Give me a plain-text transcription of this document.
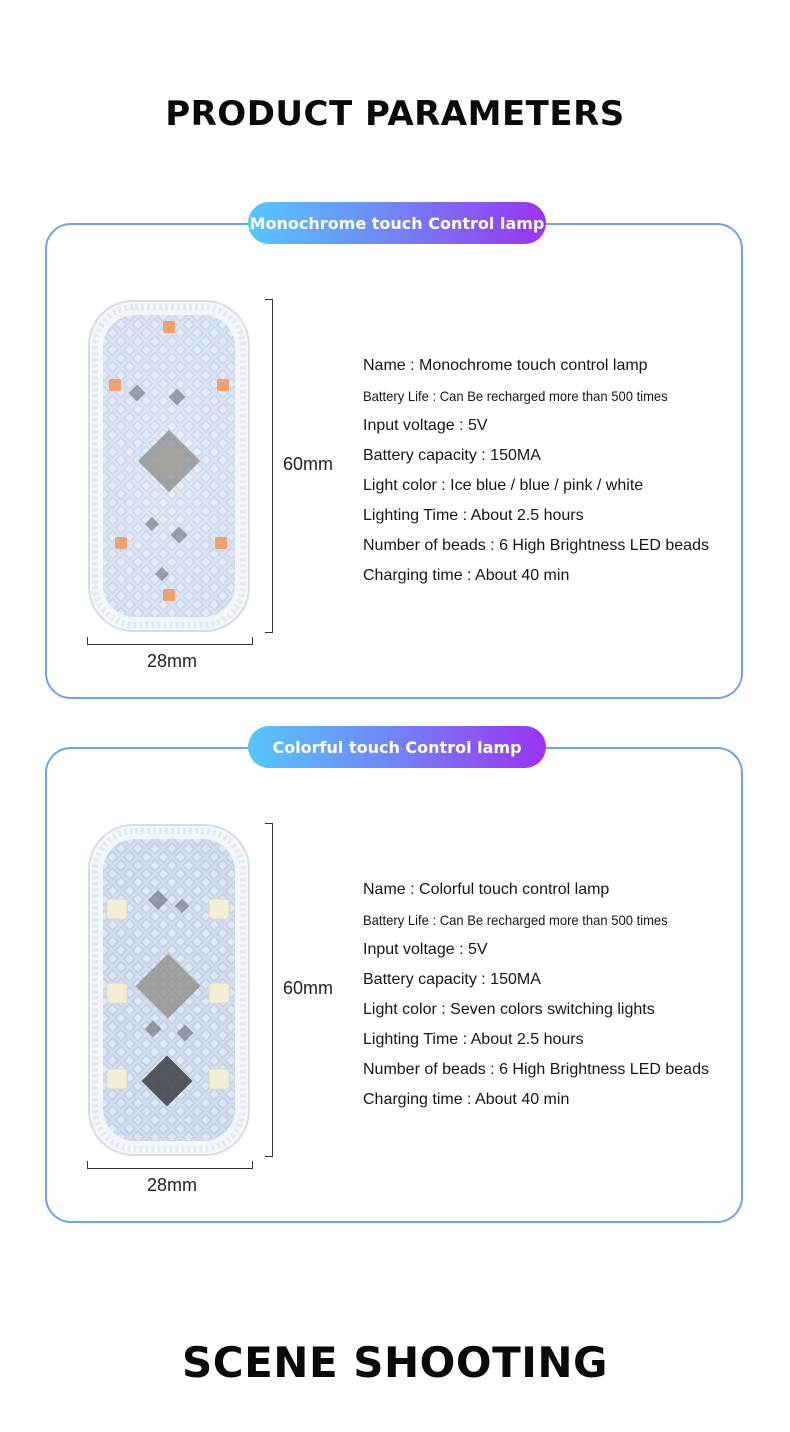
PRODUCT PARAMETERS
Monochrome touch Control lamp
60mm
28mm
Name : Monochrome touch control lamp
Battery Life : Can Be recharged more than 500 times
Input voltage : 5V
Battery capacity : 150MA
Light color : Ice blue / blue / pink / white
Lighting Time : About 2.5 hours
Number of beads : 6 High Brightness LED beads
Charging time : About 40 min
Colorful touch Control lamp
60mm
28mm
Name : Colorful touch control lamp
Battery Life : Can Be recharged more than 500 times
Input voltage : 5V
Battery capacity : 150MA
Light color : Seven colors switching lights
Lighting Time : About 2.5 hours
Number of beads : 6 High Brightness LED beads
Charging time : About 40 min
SCENE SHOOTING
